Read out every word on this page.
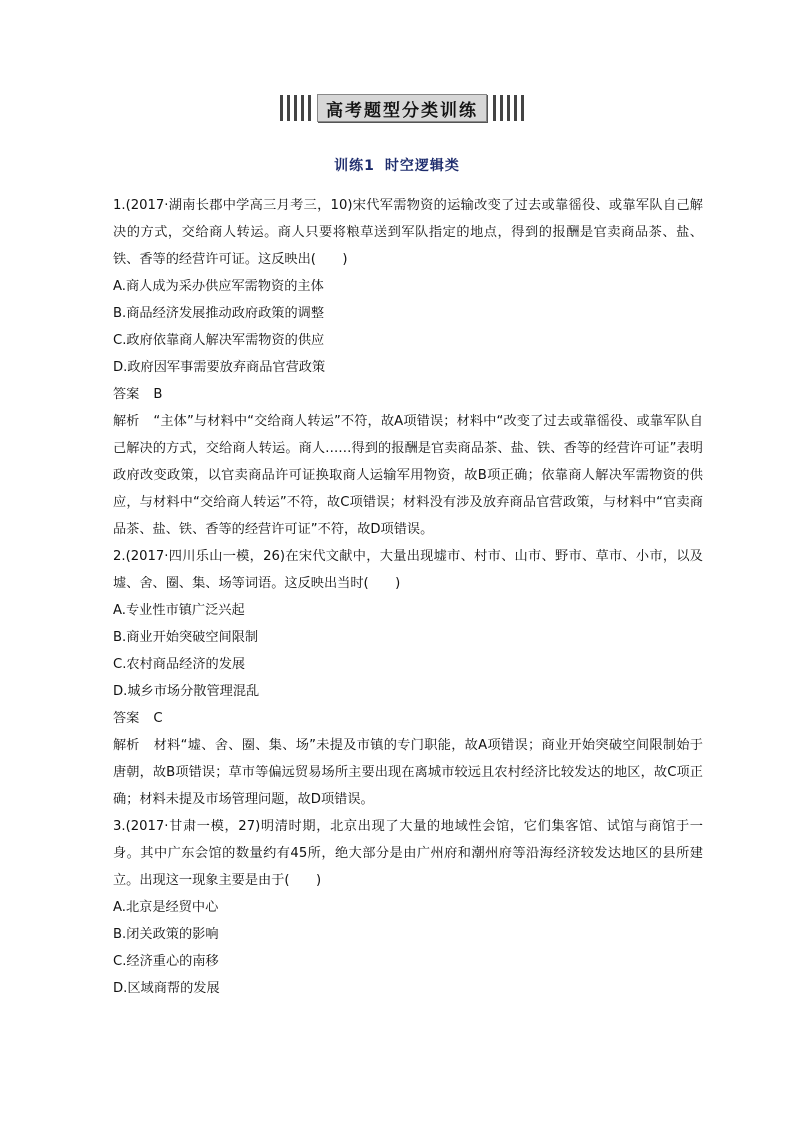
高考题型分类训练
训练1 时空逻辑类

1.(2017·湖南长郡中学高三月考三，10)宋代军需物资的运输改变了过去或靠徭役、或靠军队自己解决的方式，交给商人转运。商人只要将粮草送到军队指定的地点，得到的报酬是官卖商品茶、盐、铁、香等的经营许可证。这反映出(　　)

A.商人成为采办供应军需物资的主体

B.商品经济发展推动政府政策的调整

C.政府依靠商人解决军需物资的供应

D.政府因军事需要放弃商品官营政策

答案 B

解析 “主体”与材料中“交给商人转运”不符，故A项错误；材料中“改变了过去或靠徭役、或靠军队自己解决的方式，交给商人转运。商人……得到的报酬是官卖商品茶、盐、铁、香等的经营许可证”表明政府改变政策，以官卖商品许可证换取商人运输军用物资，故B项正确；依靠商人解决军需物资的供应，与材料中“交给商人转运”不符，故C项错误；材料没有涉及放弃商品官营政策，与材料中“官卖商品茶、盐、铁、香等的经营许可证”不符，故D项错误。

2.(2017·四川乐山一模，26)在宋代文献中，大量出现墟市、村市、山市、野市、草市、小市，以及墟、舍、圈、集、场等词语。这反映出当时(　　)

A.专业性市镇广泛兴起

B.商业开始突破空间限制

C.农村商品经济的发展

D.城乡市场分散管理混乱

答案 C

解析 材料“墟、舍、圈、集、场”未提及市镇的专门职能，故A项错误；商业开始突破空间限制始于唐朝，故B项错误；草市等偏远贸易场所主要出现在离城市较远且农村经济比较发达的地区，故C项正确；材料未提及市场管理问题，故D项错误。

3.(2017·甘肃一模，27)明清时期，北京出现了大量的地域性会馆，它们集客馆、试馆与商馆于一身。其中广东会馆的数量约有45所，绝大部分是由广州府和潮州府等沿海经济较发达地区的县所建立。出现这一现象主要是由于(　　)

A.北京是经贸中心

B.闭关政策的影响

C.经济重心的南移

D.区域商帮的发展
